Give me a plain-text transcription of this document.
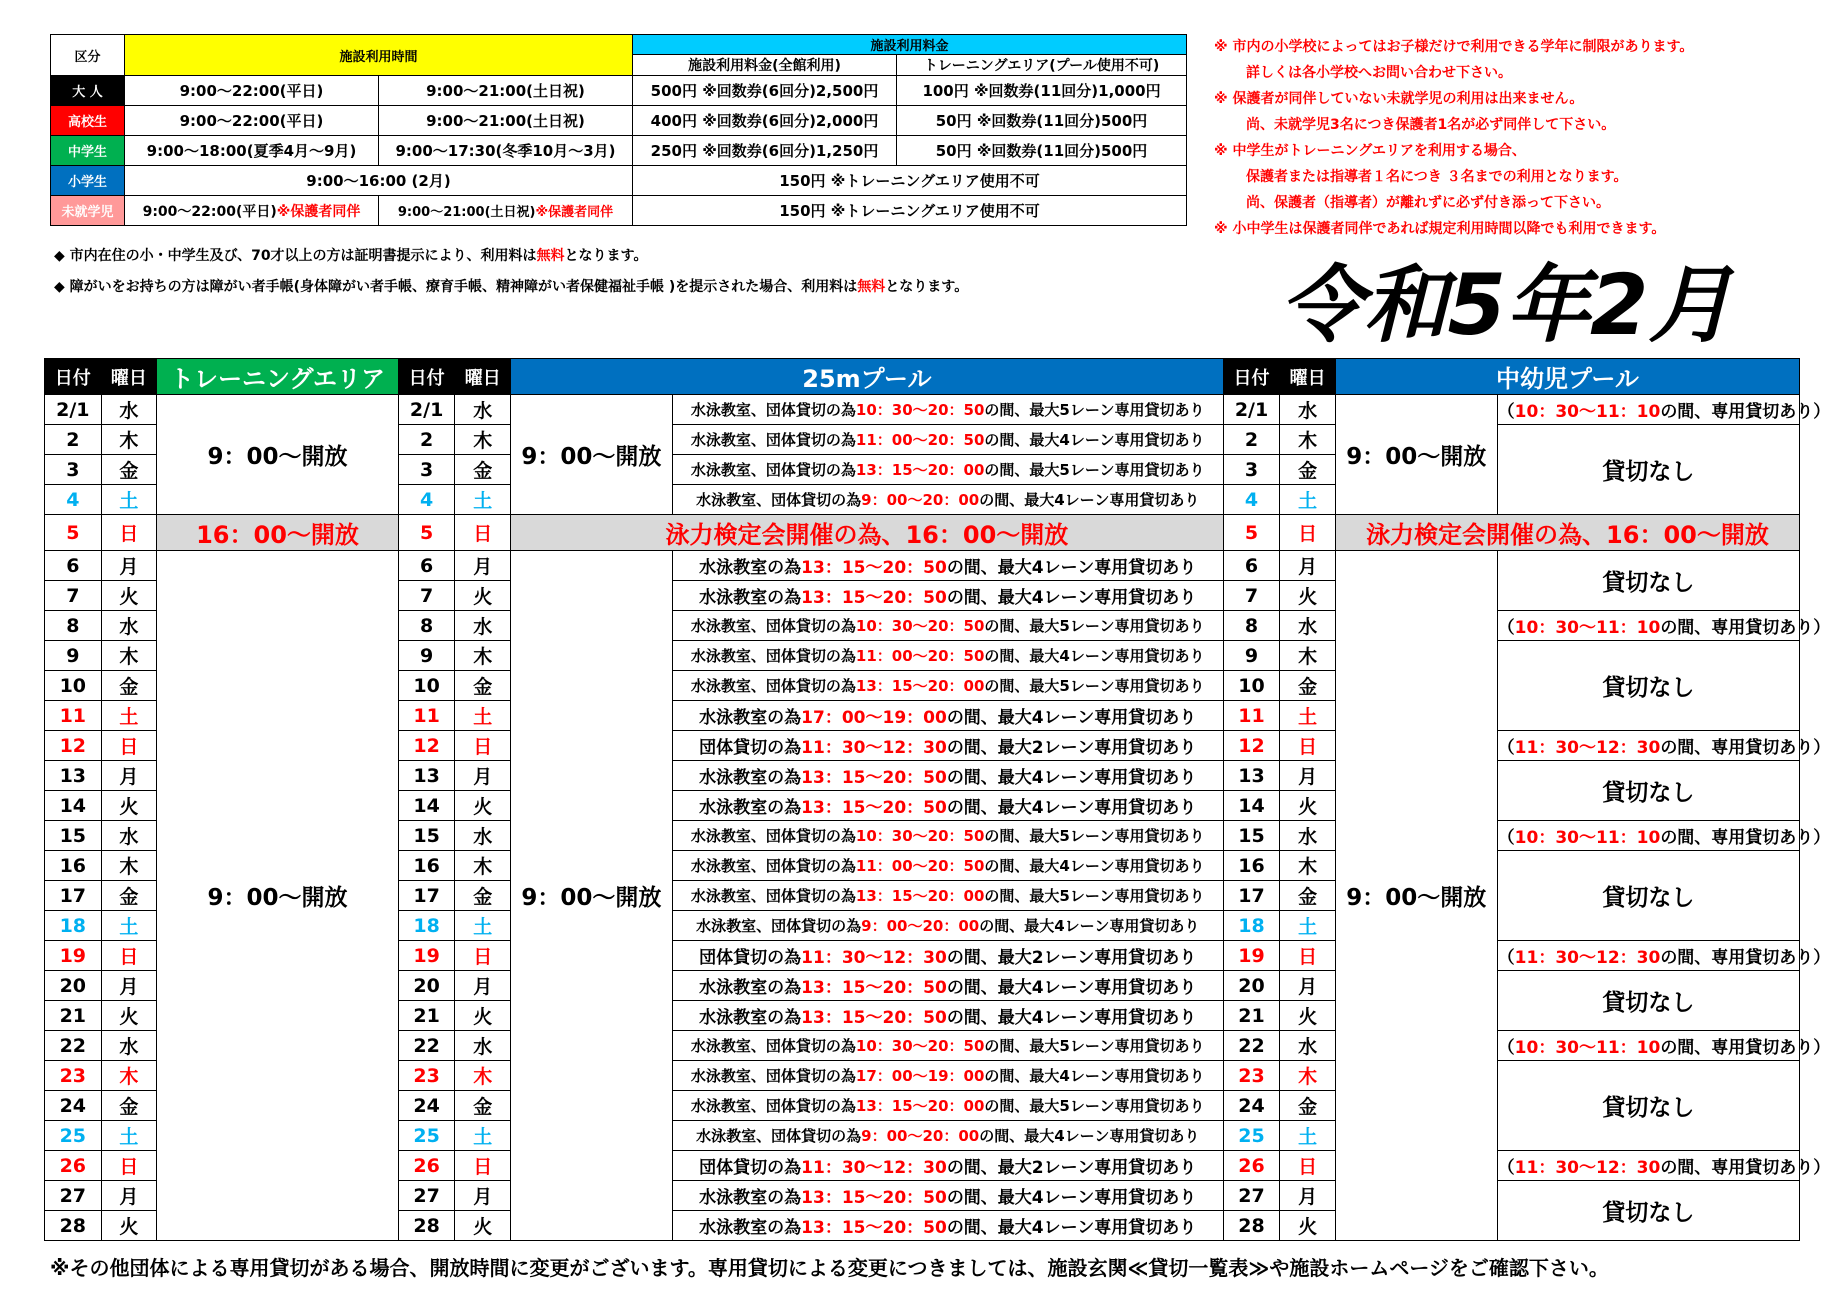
区分	施設利用時間		施設利用料金	
			施設利用料金(全館利用)	トレーニングエリア(プール使用不可)
大 人	9:00～22:00(平日)	9:00～21:00(土日祝)	500円 ※回数券(6回分)2,500円	100円 ※回数券(11回分)1,000円
高校生	9:00～22:00(平日)	9:00～21:00(土日祝)	400円 ※回数券(6回分)2,000円	50円 ※回数券(11回分)500円
中学生	9:00～18:00(夏季4月～9月)	9:00～17:30(冬季10月～3月)	250円 ※回数券(6回分)1,250円	50円 ※回数券(11回分)500円
小学生	9:00～16:00 (2月)		150円 ※トレーニングエリア使用不可	
未就学児	9:00～22:00(平日)※保護者同伴	9:00～21:00(土日祝)※保護者同伴	150円 ※トレーニングエリア使用不可	
◆ 市内在住の小・中学生及び、70才以上の方は証明書提示により、利用料は無料となります。
◆ 障がいをお持ちの方は障がい者手帳(身体障がい者手帳、療育手帳、精神障がい者保健福祉手帳 )を提示された場合、利用料は無料となります。
※ 市内の小学校によってはお子様だけで利用できる学年に制限があります。
詳しくは各小学校へお問い合わせ下さい。
※ 保護者が同伴していない未就学児の利用は出来ません。
尚、未就学児3名につき保護者1名が必ず同伴して下さい。
※ 中学生がトレーニングエリアを利用する場合、
保護者または指導者１名につき ３名までの利用となります。
尚、保護者（指導者）が離れずに必ず付き添って下さい。
※ 小中学生は保護者同伴であれば規定利用時間以降でも利用できます。
令和5年2月
日付	曜日	トレーニングエリア	日付	曜日	25mプール		日付	曜日	中幼児プール	
2/1	水	9：00～開放	2/1	水	9：00～開放	水泳教室、団体貸切の為10：30～20：50の間、最大5レーン専用貸切あり	2/1	水	9：00～開放	（10：30～11：10の間、専用貸切あり）
2	木		2	木		水泳教室、団体貸切の為11：00～20：50の間、最大4レーン専用貸切あり	2	木		貸切なし
3	金		3	金		水泳教室、団体貸切の為13：15～20：00の間、最大5レーン専用貸切あり	3	金		
4	土		4	土		水泳教室、団体貸切の為9：00～20：00の間、最大4レーン専用貸切あり	4	土		
5	日	16：00～開放	5	日	泳力検定会開催の為、16：00～開放		5	日	泳力検定会開催の為、16：00～開放	
6	月	9：00～開放	6	月	9：00～開放	水泳教室の為13：15～20：50の間、最大4レーン専用貸切あり	6	月	9：00～開放	貸切なし
7	火		7	火		水泳教室の為13：15～20：50の間、最大4レーン専用貸切あり	7	火		
8	水		8	水		水泳教室、団体貸切の為10：30～20：50の間、最大5レーン専用貸切あり	8	水		（10：30～11：10の間、専用貸切あり）
9	木		9	木		水泳教室、団体貸切の為11：00～20：50の間、最大4レーン専用貸切あり	9	木		貸切なし
10	金		10	金		水泳教室、団体貸切の為13：15～20：00の間、最大5レーン専用貸切あり	10	金		
11	土		11	土		水泳教室の為17：00～19：00の間、最大4レーン専用貸切あり	11	土		
12	日		12	日		団体貸切の為11：30～12：30の間、最大2レーン専用貸切あり	12	日		（11：30～12：30の間、専用貸切あり）
13	月		13	月		水泳教室の為13：15～20：50の間、最大4レーン専用貸切あり	13	月		貸切なし
14	火		14	火		水泳教室の為13：15～20：50の間、最大4レーン専用貸切あり	14	火		
15	水		15	水		水泳教室、団体貸切の為10：30～20：50の間、最大5レーン専用貸切あり	15	水		（10：30～11：10の間、専用貸切あり）
16	木		16	木		水泳教室、団体貸切の為11：00～20：50の間、最大4レーン専用貸切あり	16	木		貸切なし
17	金		17	金		水泳教室、団体貸切の為13：15～20：00の間、最大5レーン専用貸切あり	17	金		
18	土		18	土		水泳教室、団体貸切の為9：00～20：00の間、最大4レーン専用貸切あり	18	土		
19	日		19	日		団体貸切の為11：30～12：30の間、最大2レーン専用貸切あり	19	日		（11：30～12：30の間、専用貸切あり）
20	月		20	月		水泳教室の為13：15～20：50の間、最大4レーン専用貸切あり	20	月		貸切なし
21	火		21	火		水泳教室の為13：15～20：50の間、最大4レーン専用貸切あり	21	火		
22	水		22	水		水泳教室、団体貸切の為10：30～20：50の間、最大5レーン専用貸切あり	22	水		（10：30～11：10の間、専用貸切あり）
23	木		23	木		水泳教室、団体貸切の為17：00～19：00の間、最大4レーン専用貸切あり	23	木		貸切なし
24	金		24	金		水泳教室、団体貸切の為13：15～20：00の間、最大5レーン専用貸切あり	24	金		
25	土		25	土		水泳教室、団体貸切の為9：00～20：00の間、最大4レーン専用貸切あり	25	土		
26	日		26	日		団体貸切の為11：30～12：30の間、最大2レーン専用貸切あり	26	日		（11：30～12：30の間、専用貸切あり）
27	月		27	月		水泳教室の為13：15～20：50の間、最大4レーン専用貸切あり	27	月		貸切なし
28	火		28	火		水泳教室の為13：15～20：50の間、最大4レーン専用貸切あり	28	火		
※その他団体による専用貸切がある場合、開放時間に変更がございます。専用貸切による変更につきましては、施設玄関≪貸切一覧表≫や施設ホームページをご確認下さい。
